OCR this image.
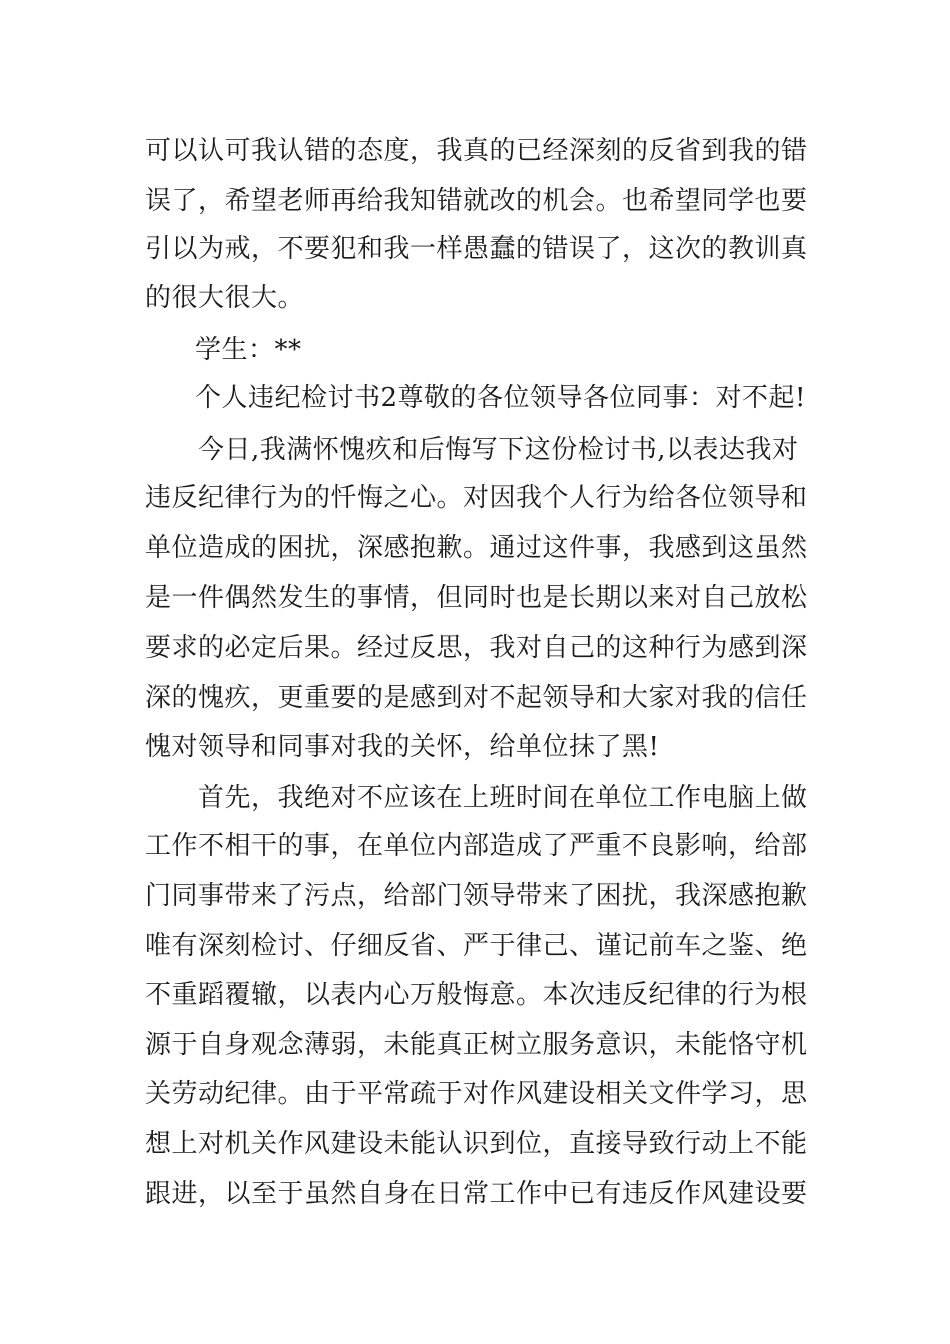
可以认可我认错的态度，我真的已经深刻的反省到我的错
误了，希望老师再给我知错就改的机会。也希望同学也要
引以为戒，不要犯和我一样愚蠢的错误了，这次的教训真
的很大很大。
学生：**
个人违纪检讨书2尊敬的各位领导各位同事：对不起!
今日,我满怀愧疚和后悔写下这份检讨书,以表达我对
违反纪律行为的忏悔之心。对因我个人行为给各位领导和
单位造成的困扰，深感抱歉。通过这件事，我感到这虽然
是一件偶然发生的事情，但同时也是长期以来对自己放松
要求的必定后果。经过反思，我对自己的这种行为感到深
深的愧疚，更重要的是感到对不起领导和大家对我的信任
愧对领导和同事对我的关怀，给单位抹了黑!
首先，我绝对不应该在上班时间在单位工作电脑上做
工作不相干的事，在单位内部造成了严重不良影响，给部
门同事带来了污点，给部门领导带来了困扰，我深感抱歉
唯有深刻检讨、仔细反省、严于律己、谨记前车之鉴、绝
不重蹈覆辙，以表内心万般悔意。本次违反纪律的行为根
源于自身观念薄弱，未能真正树立服务意识，未能恪守机
关劳动纪律。由于平常疏于对作风建设相关文件学习，思
想上对机关作风建设未能认识到位，直接导致行动上不能
跟进，以至于虽然自身在日常工作中已有违反作风建设要
